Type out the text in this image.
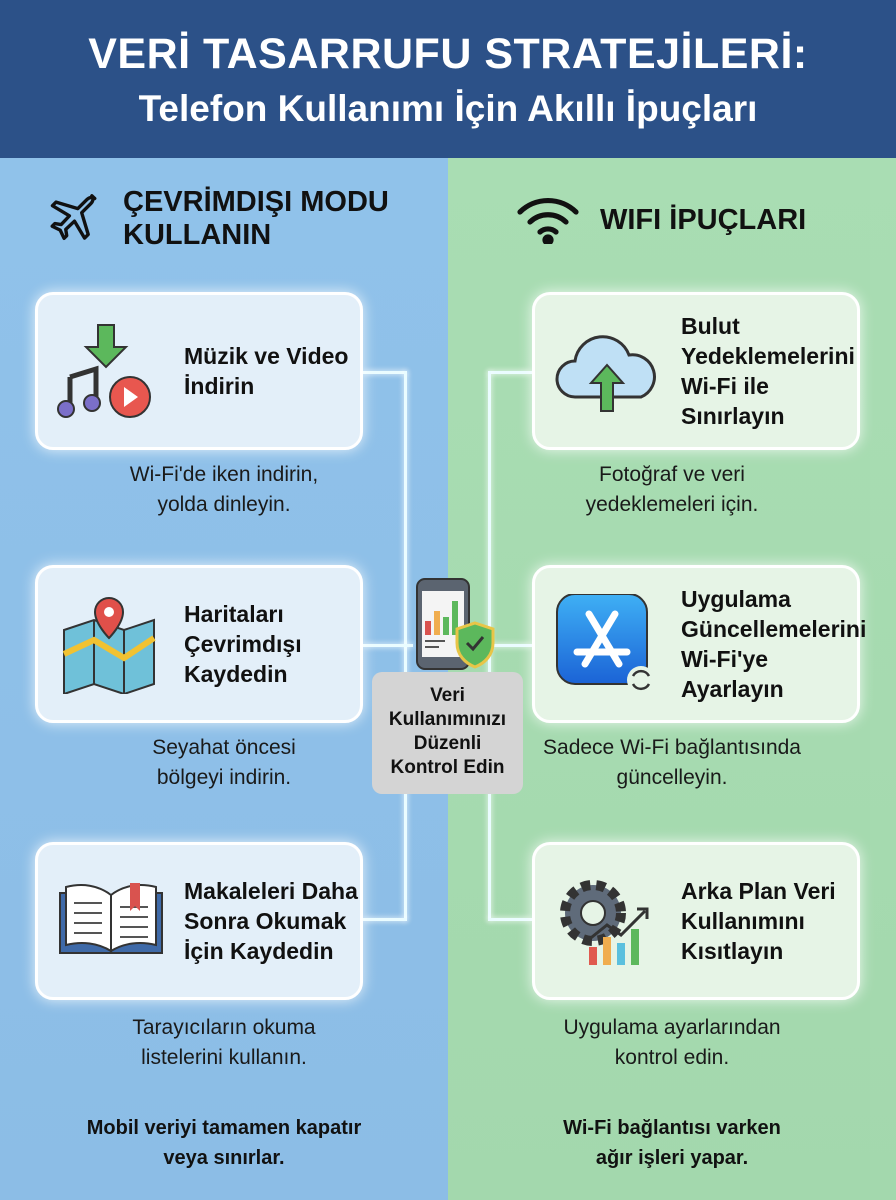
VERİ TASARRUFU STRATEJİLERİ:
Telefon Kullanımı İçin Akıllı İpuçları
ÇEVRİMDIŞI MODU
KULLANIN
Müzik ve Video İndirin
Wi-Fi'de iken indirin,
yolda dinleyin.
Haritaları Çevrimdışı Kaydedin
Seyahat öncesi
bölgeyi indirin.
Makaleleri Daha Sonra Okumak İçin Kaydedin
Tarayıcıların okuma
listelerini kullanın.
Mobil veriyi tamamen kapatır
veya sınırlar.
WIFI İPUÇLARI
Bulut Yedeklemelerini Wi-Fi ile Sınırlayın
Fotoğraf ve veri
yedeklemeleri için.
Uygulama Güncellemelerini Wi-Fi'ye Ayarlayın
Sadece Wi-Fi bağlantısında
güncelleyin.
Arka Plan Veri Kullanımını Kısıtlayın
Uygulama ayarlarından
kontrol edin.
Wi-Fi bağlantısı varken
ağır işleri yapar.
Veri
Kullanımınızı
Düzenli
Kontrol Edin
